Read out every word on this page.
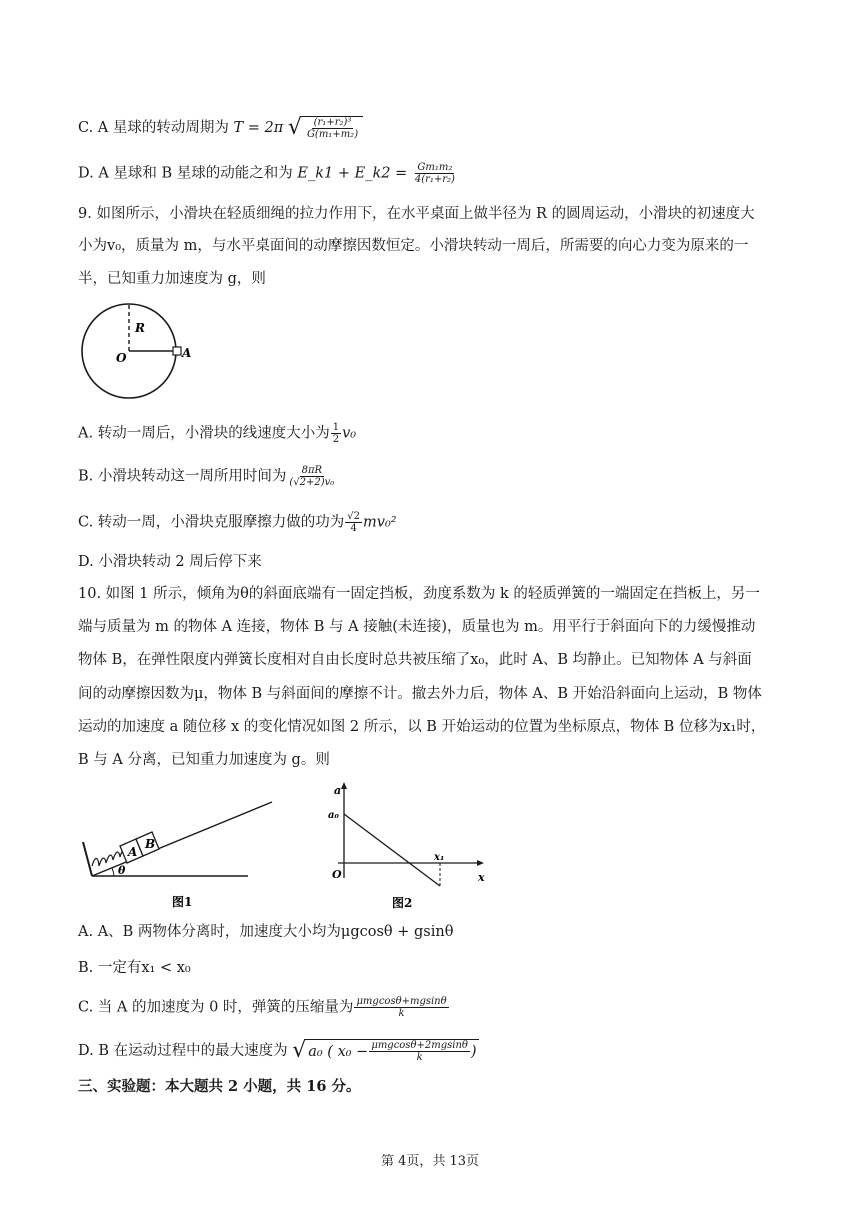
C. A 星球的转动周期为 T = 2π √ $\frac{\text{(r₁+r₂)³}}{\text{G(m₁+m₂)}}$
D. A 星球和 B 星球的动能之和为 E_k1 + E_k2 = $\frac{\text{Gm₁m₂}}{\text{4(r₁+r₂)}}$
9. 如图所示，小滑块在轻质细绳的拉力作用下，在水平桌面上做半径为 R 的圆周运动，小滑块的初速度大
小为v₀，质量为 m，与水平桌面间的动摩擦因数恒定。小滑块转动一周后，所需要的向心力变为原来的一
半，已知重力加速度为 g，则
R
O	A
A. 转动一周后，小滑块的线速度大小为 $\frac{1}{2} v_0$
B. 小滑块转动这一周所用时间为 $\frac{8\pi R}{\text{(√2+2)v₀}}$
C. 转动一周，小滑块克服摩擦力做的功为 $\frac{√2}{4} mv_0^2$
D. 小滑块转动 2 周后停下来
10. 如图 1 所示，倾角为θ的斜面底端有一固定挡板，劲度系数为 k 的轻质弹簧的一端固定在挡板上，另一
端与质量为 m 的物体 A 连接，物体 B 与 A 接触(未连接)，质量也为 m。用平行于斜面向下的力缓慢推动
物体 B，在弹性限度内弹簧长度相对自由长度时总共被压缩了x₀，此时 A、B 均静止。已知物体 A 与斜面
间的动摩擦因数为μ，物体 B 与斜面间的摩擦不计。撤去外力后，物体 A、B 开始沿斜面向上运动，B 物体
运动的加速度 a 随位移 x 的变化情况如图 2 所示，以 B 开始运动的位置为坐标原点，物体 B 位移为x₁时，
B 与 A 分离，已知重力加速度为 g。则
A
B
θ
图1
a
a₀
O
x₁
x
图2
A. A、B 两物体分离时，加速度大小均为μgcosθ + gsinθ
B. 一定有x₁ < x₀
C. 当 A 的加速度为 0 时，弹簧的压缩量为 $\frac{\text{μmgcosθ+mgsinθ}}{k}$
D. B 在运动过程中的最大速度为 √ a₀ ( $x_0 - \frac{\text{μmgcosθ+2mgsinθ}}{k}$ )
三、实验题：本大题共 2 小题，共 16 分。
第 4页，共 13页
